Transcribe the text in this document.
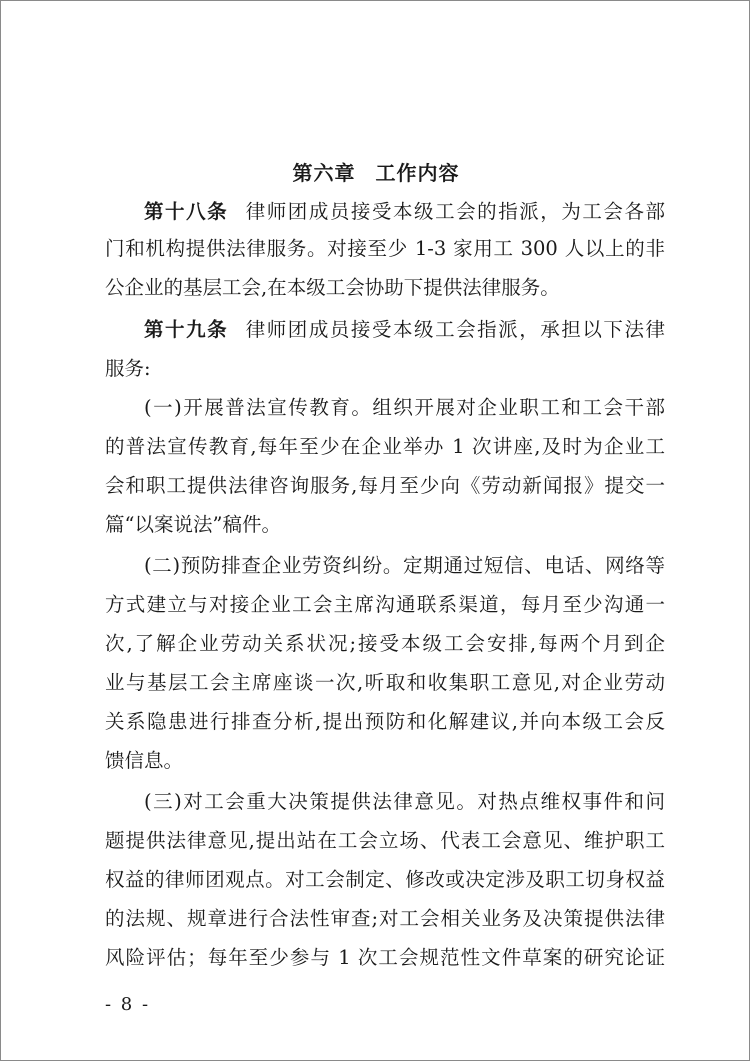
第六章 工作内容
第十八条 律师团成员接受本级工会的指派，为工会各部
门和机构提供法律服务。对接至少 1-3 家用工 300 人以上的非
公企业的基层工会,在本级工会协助下提供法律服务。
第十九条 律师团成员接受本级工会指派，承担以下法律
服务:
(一)开展普法宣传教育。组织开展对企业职工和工会干部
的普法宣传教育,每年至少在企业举办 1 次讲座,及时为企业工
会和职工提供法律咨询服务,每月至少向《劳动新闻报》提交一
篇“以案说法”稿件。
(二)预防排查企业劳资纠纷。定期通过短信、电话、网络等
方式建立与对接企业工会主席沟通联系渠道，每月至少沟通一
次,了解企业劳动关系状况;接受本级工会安排,每两个月到企
业与基层工会主席座谈一次,听取和收集职工意见,对企业劳动
关系隐患进行排查分析,提出预防和化解建议,并向本级工会反
馈信息。
(三)对工会重大决策提供法律意见。对热点维权事件和问
题提供法律意见,提出站在工会立场、代表工会意见、维护职工
权益的律师团观点。对工会制定、修改或决定涉及职工切身权益
的法规、规章进行合法性审查;对工会相关业务及决策提供法律
风险评估；每年至少参与 1 次工会规范性文件草案的研究论证
- 8 -
